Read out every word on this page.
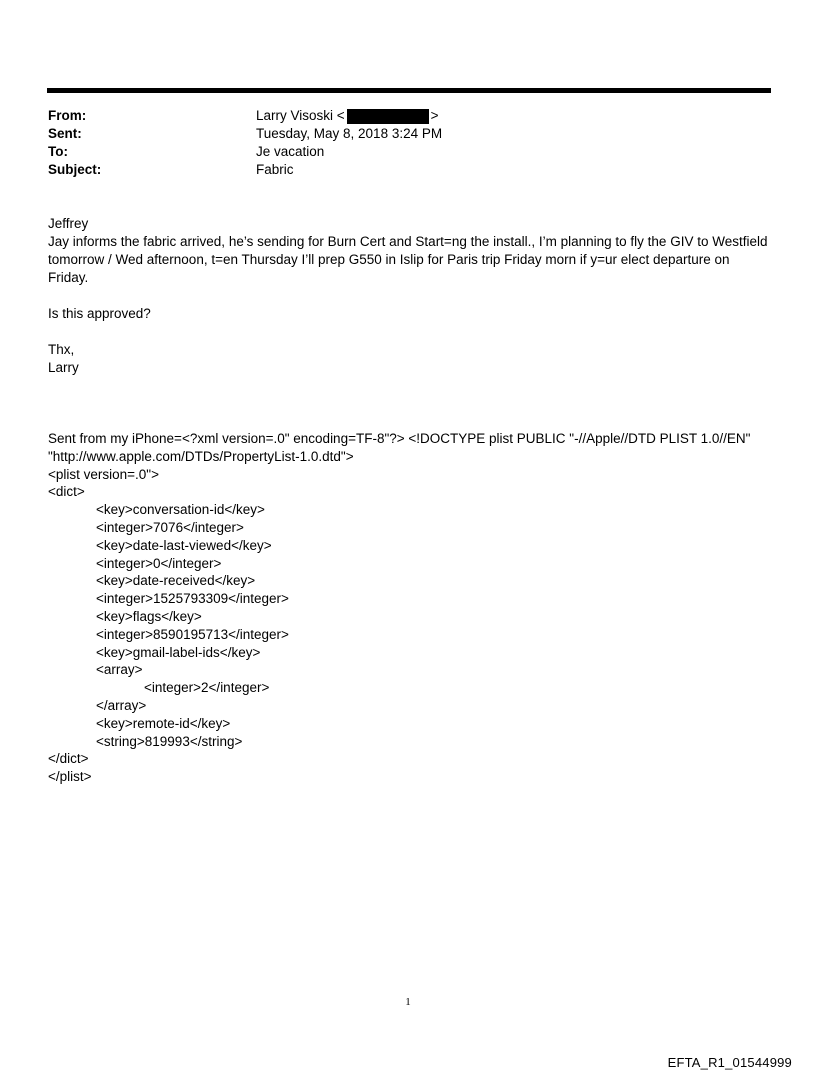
From:	Larry Visoski <	>
Sent:	Tuesday, May 8, 2018 3:24 PM
To:	Je vacation
Subject:	Fabric

Jeffrey

Jay informs the fabric arrived, he’s sending for Burn Cert and Start=ng the install., I’m planning to fly the GIV to Westfield tomorrow / Wed afternoon, t=en Thursday I’ll prep G550 in Islip for Paris trip Friday morn if y=ur elect departure on Friday.

Is this approved?

Thx,

Larry

Sent from my iPhone=<?xml version=.0" encoding=TF-8"?> <!DOCTYPE plist PUBLIC "-//Apple//DTD PLIST 1.0//EN"

"http://www.apple.com/DTDs/PropertyList-1.0.dtd">

<plist version=.0">

<dict>

<key>conversation-id</key>

<integer>7076</integer>

<key>date-last-viewed</key>

<integer>0</integer>

<key>date-received</key>

<integer>1525793309</integer>

<key>flags</key>

<integer>8590195713</integer>

<key>gmail-label-ids</key>

<array>

<integer>2</integer>

</array>

<key>remote-id</key>

<string>819993</string>

</dict>

</plist>

1
EFTA_R1_01544999
